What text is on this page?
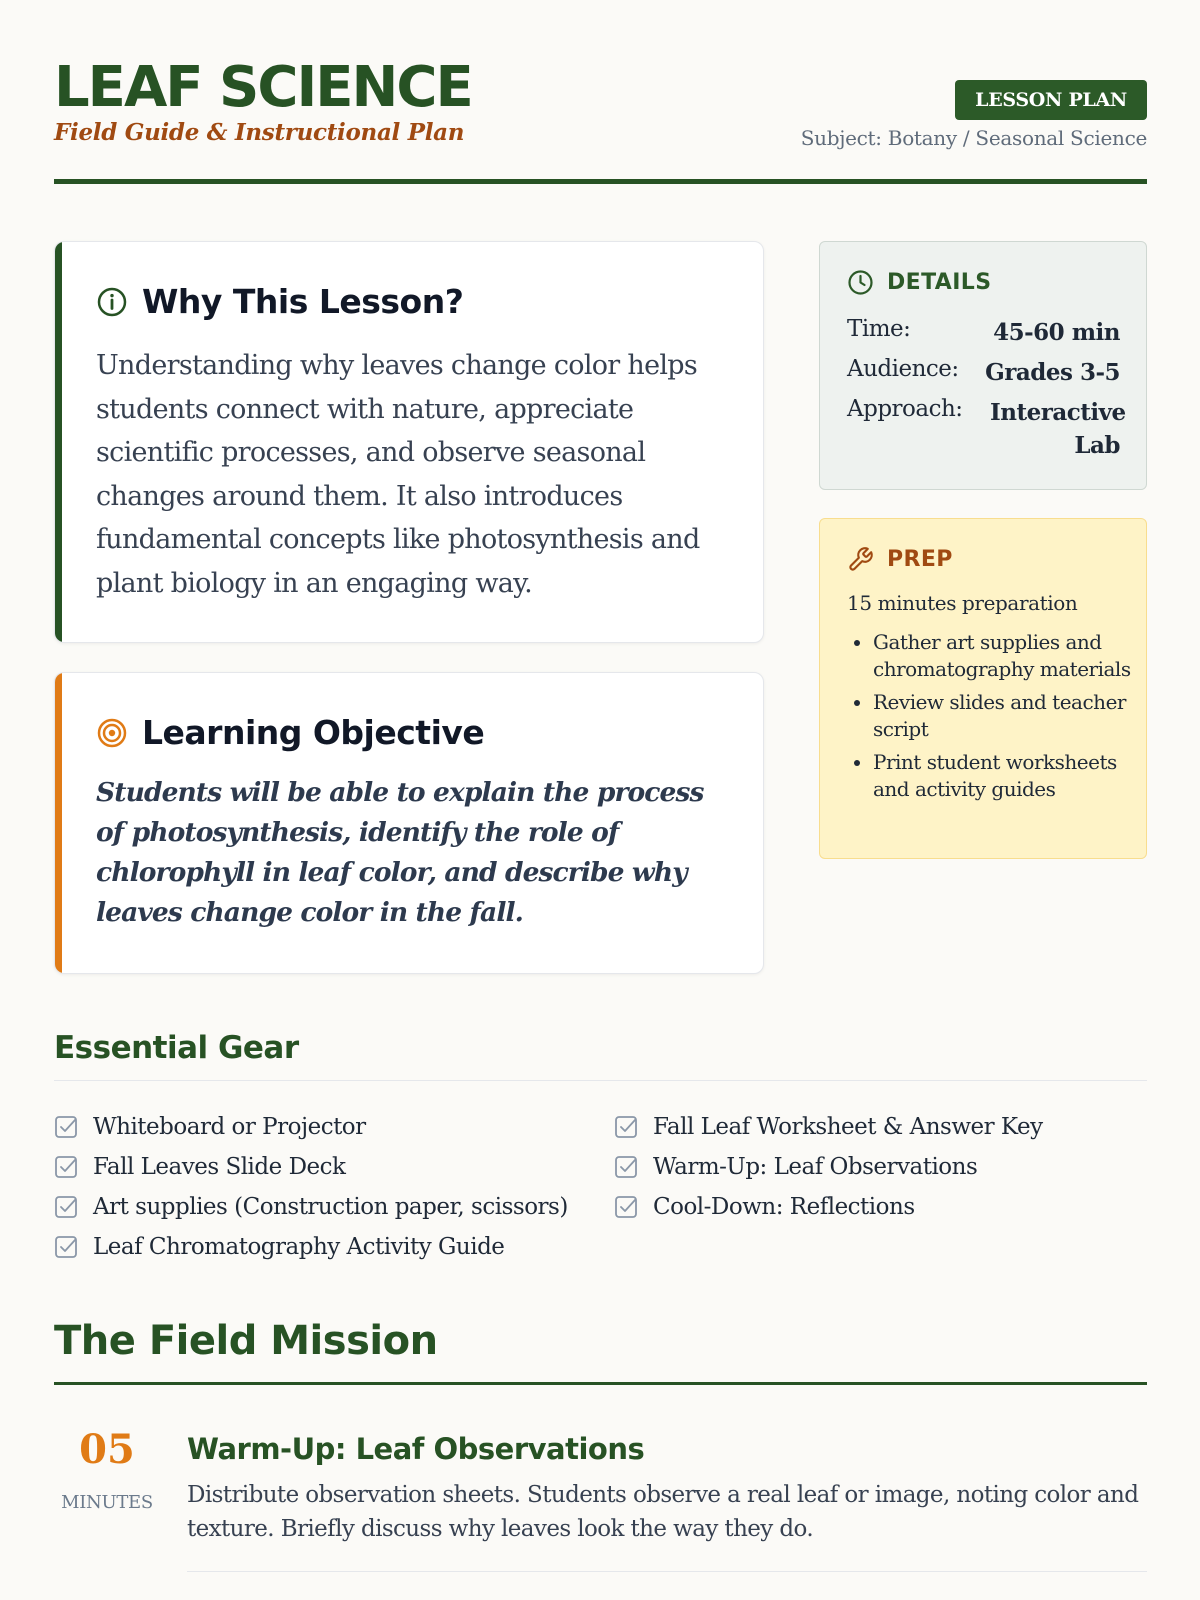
LEAF SCIENCE
Field Guide & Instructional Plan
LESSON PLAN
Subject: Botany / Seasonal Science
Why This Lesson?
Understanding why leaves change color helps students connect with nature, appreciate scientific processes, and observe seasonal changes around them. It also introduces fundamental concepts like photosynthesis and plant biology in an engaging way.
Learning Objective
Students will be able to explain the process of photosynthesis, identify the role of chlorophyll in leaf color, and describe why leaves change color in the fall.
DETAILS
Time:	45-60 min
Audience: Grades 3-5
Approach: Interactive Lab
PREP
15 minutes preparation
• Gather art supplies and chromatography materials
• Review slides and teacher script
• Print student worksheets and activity guides
Essential Gear
Whiteboard or Projector
Fall Leaves Slide Deck
Art supplies (Construction paper, scissors)
Leaf Chromatography Activity Guide
Fall Leaf Worksheet & Answer Key
Warm-Up: Leaf Observations
Cool-Down: Reflections
The Field Mission
05
MINUTES
Warm-Up: Leaf Observations
Distribute observation sheets. Students observe a real leaf or image, noting color and texture. Briefly discuss why leaves look the way they do.
